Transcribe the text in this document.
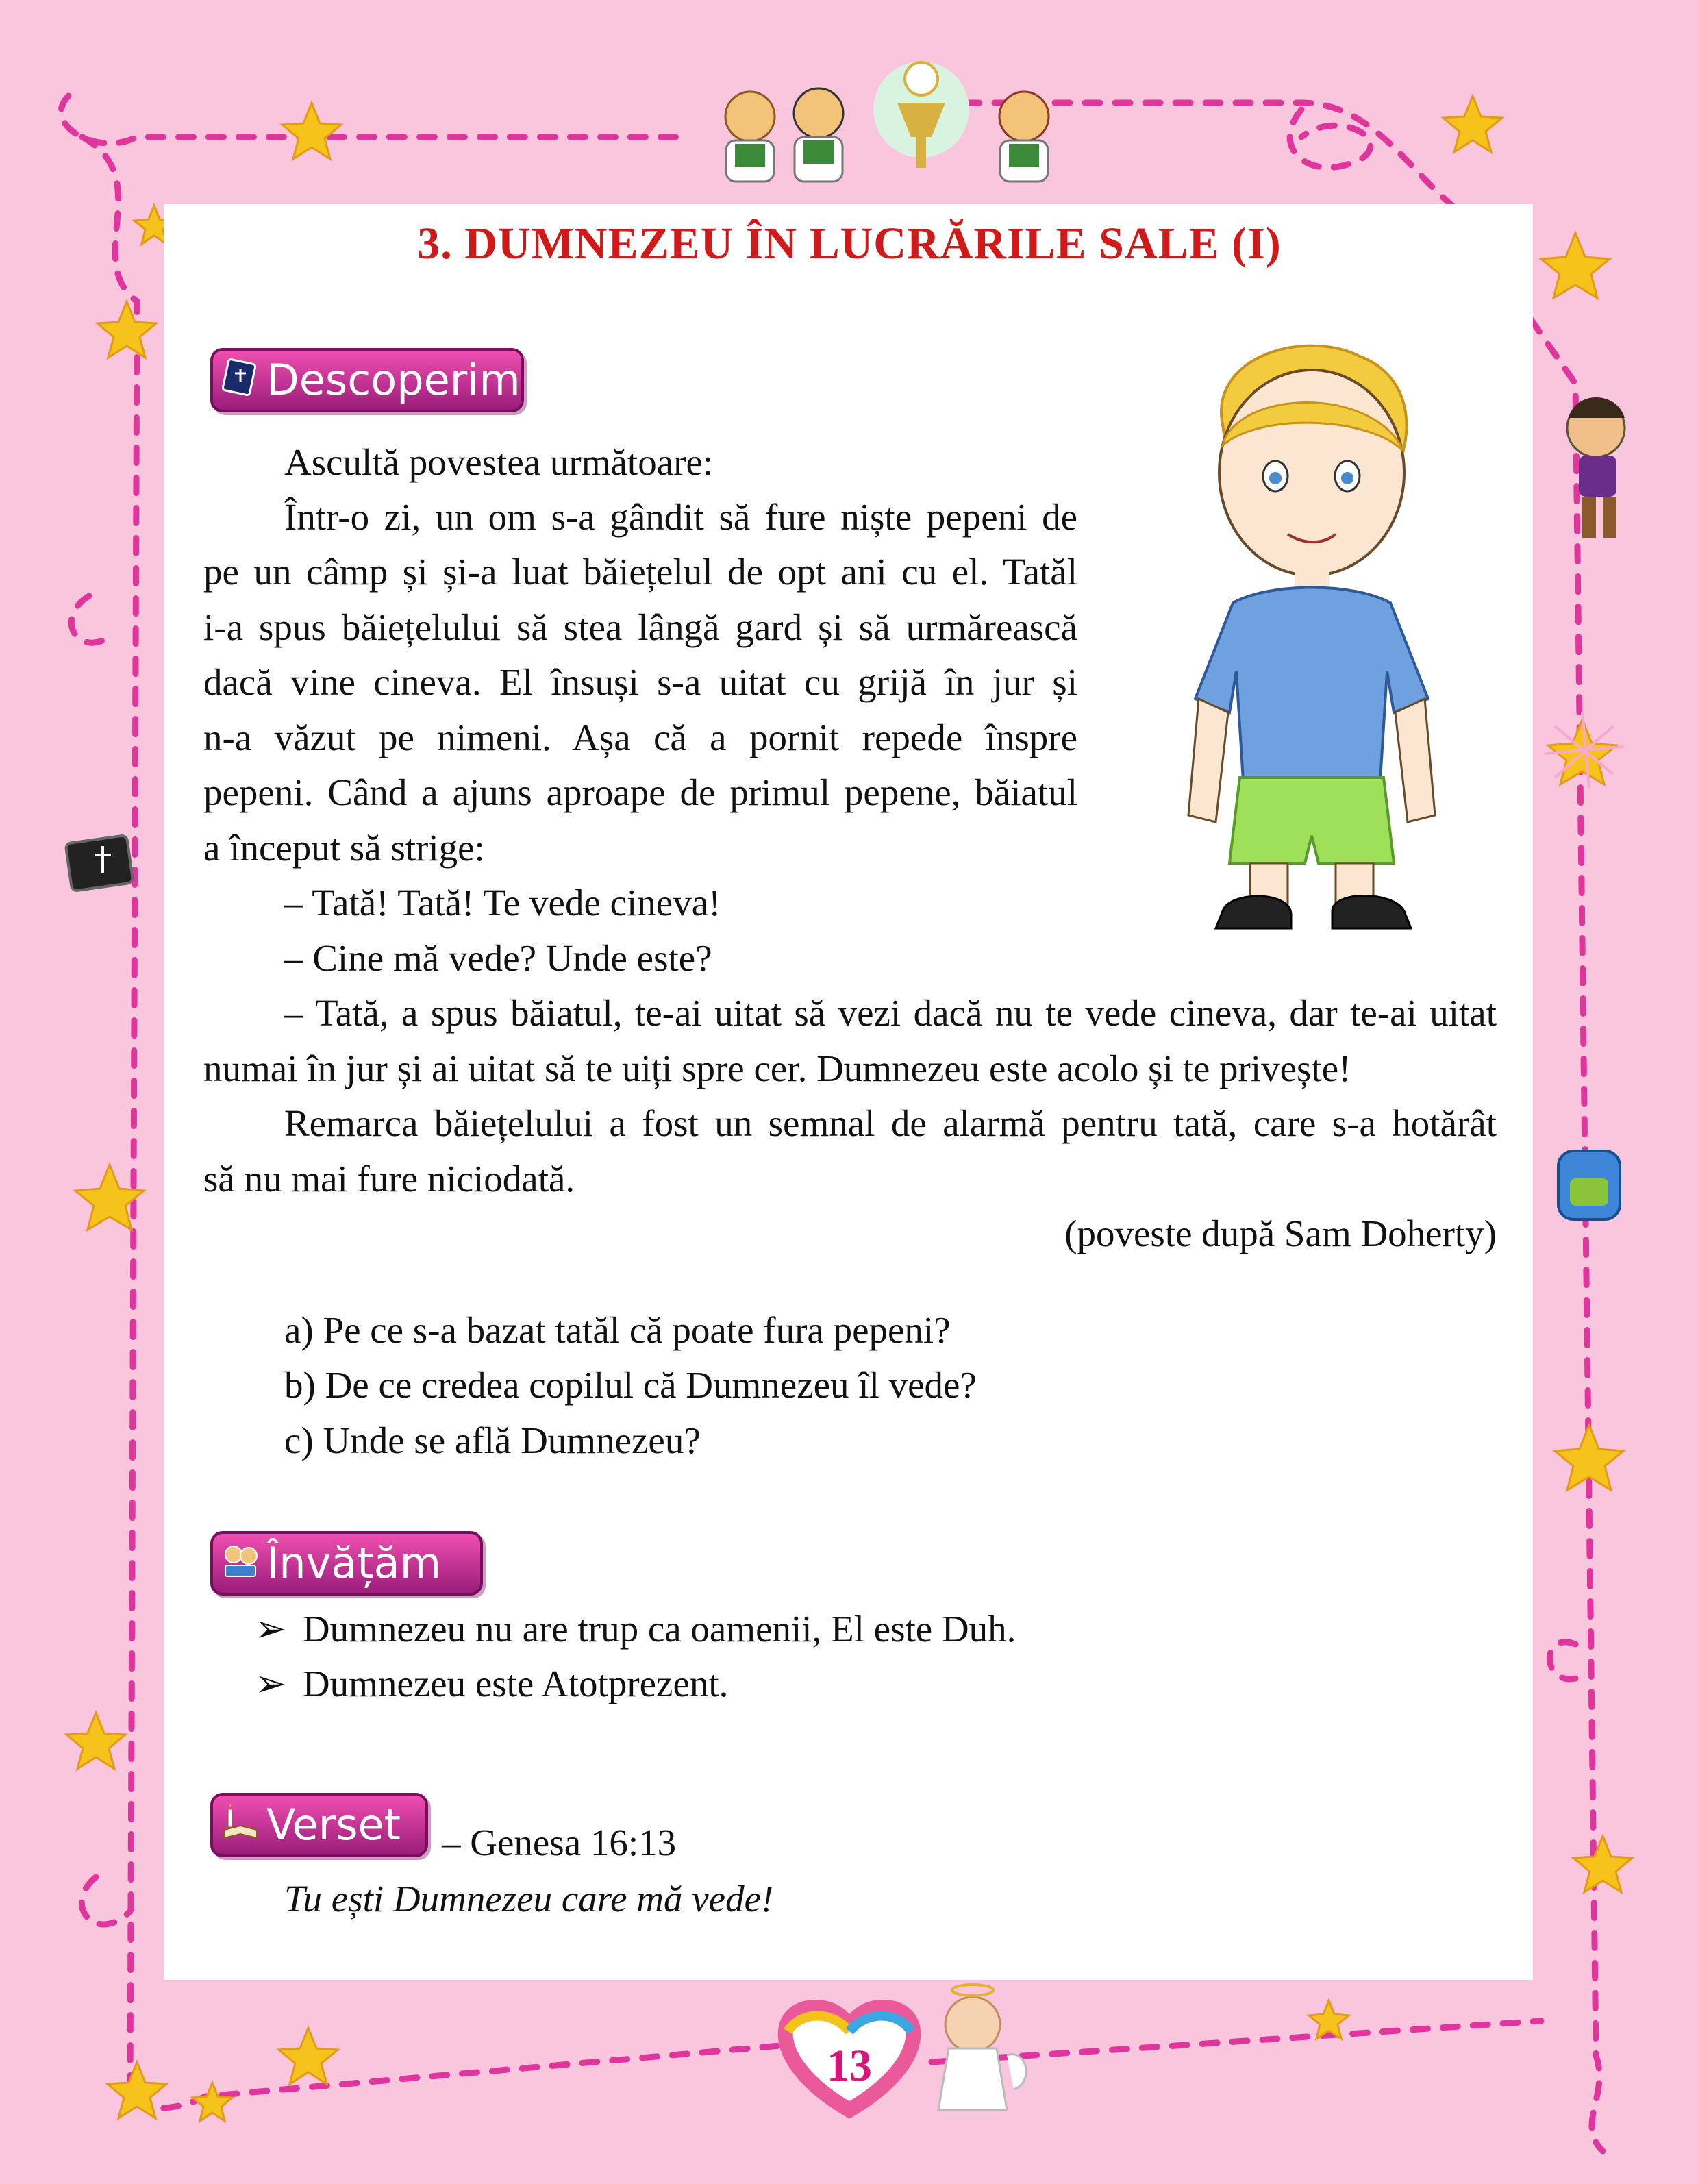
3. DUMNEZEU ÎN LUCRĂRILE SALE (I)
Descoperim
Ascultă povestea următoare:
Într-o zi, un om s-a gândit să fure niște pepeni de
pe un câmp și și-a luat băiețelul de opt ani cu el. Tatăl
i-a spus băiețelului să stea lângă gard și să urmărească
dacă vine cineva. El însuși s-a uitat cu grijă în jur și
n-a văzut pe nimeni. Așa că a pornit repede înspre
pepeni. Când a ajuns aproape de primul pepene, băiatul
a început să strige:
– Tată! Tată! Te vede cineva!
– Cine mă vede? Unde este?
– Tată, a spus băiatul, te-ai uitat să vezi dacă nu te vede cineva, dar te-ai uitat
numai în jur și ai uitat să te uiți spre cer. Dumnezeu este acolo și te privește!
Remarca băiețelului a fost un semnal de alarmă pentru tată, care s-a hotărât
să nu mai fure niciodată.
(poveste după Sam Doherty)
a) Pe ce s-a bazat tatăl că poate fura pepeni?
b) De ce credea copilul că Dumnezeu îl vede?
c) Unde se află Dumnezeu?
Învățăm
➢ Dumnezeu nu are trup ca oamenii, El este Duh.
➢ Dumnezeu este Atotprezent.
Verset – Genesa 16:13
Tu ești Dumnezeu care mă vede!
13
